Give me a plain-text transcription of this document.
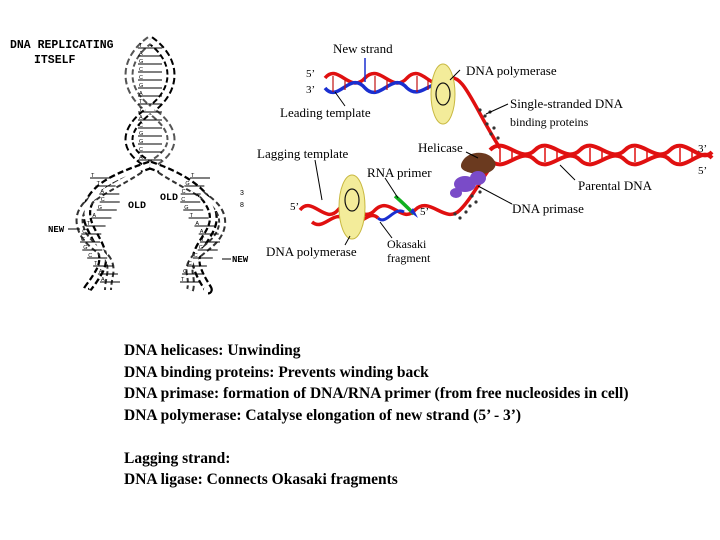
DNA REPLICATING
ITSELF
T
A
G
C
C
G
A
T
T
A
C
G
G
C
A
T
T
A
C
G
A
T
C
G
G
C
T
A
A
T
G
C
C
G
T
A
A
T
G
C
C
G
T
OLD
OLD
NEW
NEW
3
8
New strand
5’
3’
Leading template
DNA polymerase
Single-stranded DNA
binding proteins
Helicase
Lagging template
RNA primer
3’
5’
Parental DNA
5’	5’	DNA primase
DNA polymerase	Okasaki
fragment
DNA helicases: Unwinding
DNA binding proteins: Prevents winding back
DNA primase: formation of DNA/RNA primer (from free nucleosides in cell)
DNA polymerase: Catalyse elongation of new strand (5’ - 3’)
Lagging strand:
DNA ligase: Connects Okasaki fragments
